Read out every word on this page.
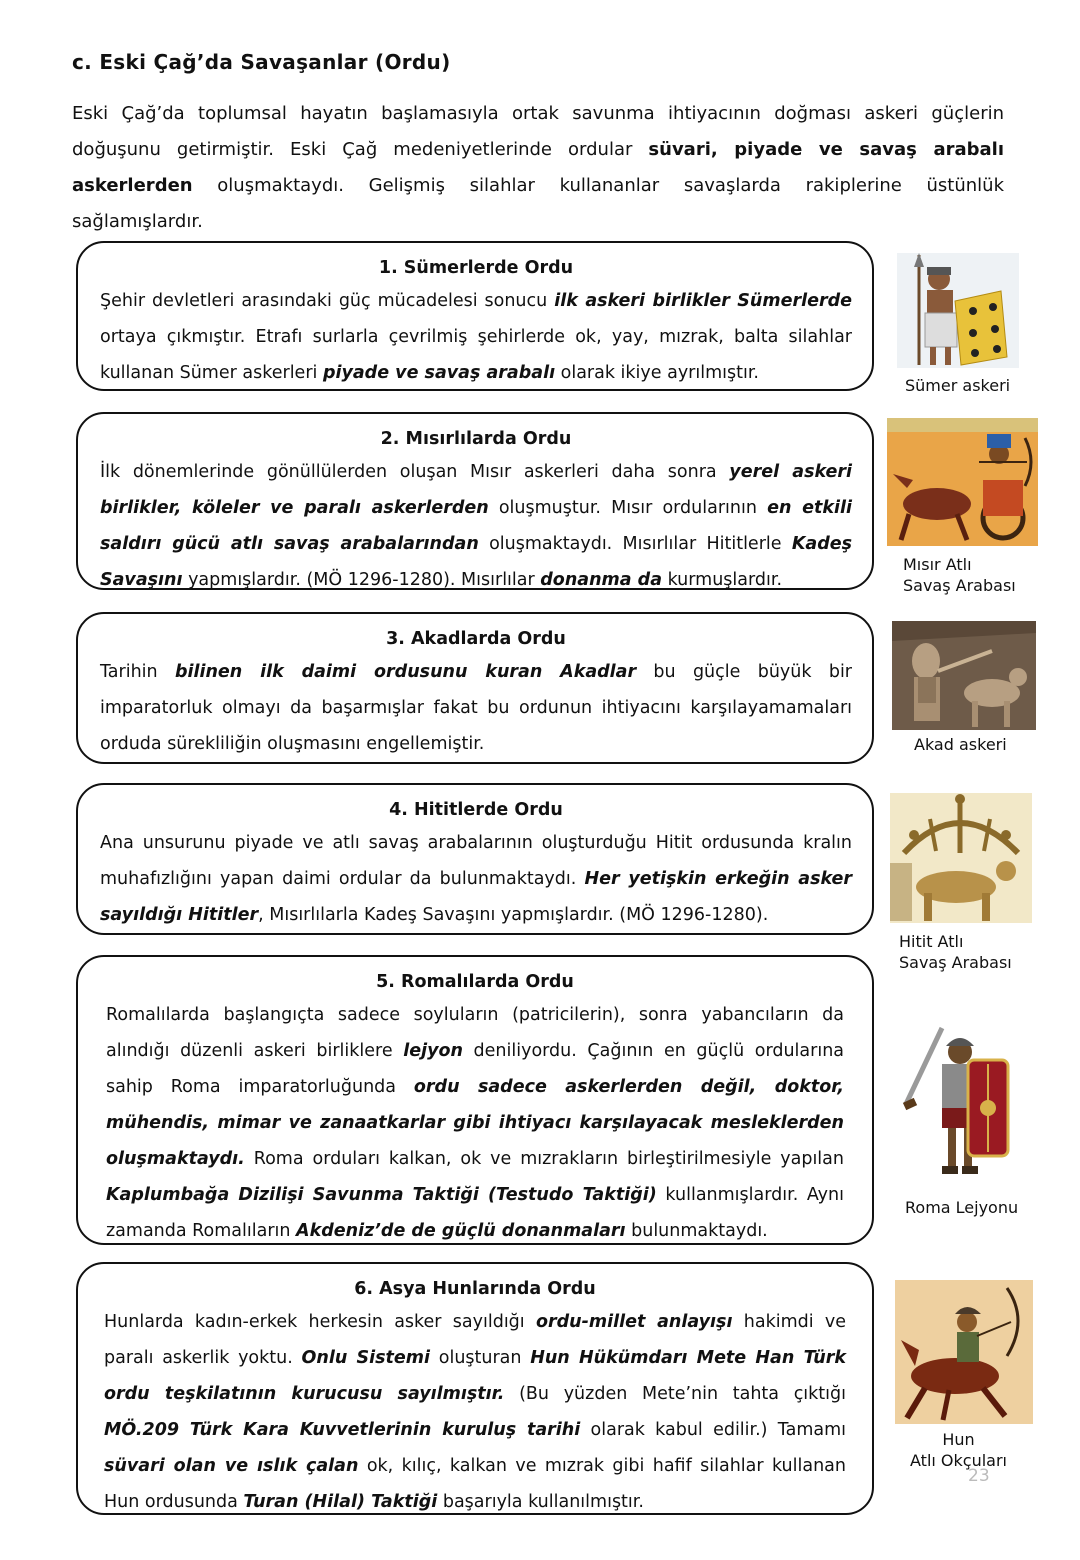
c. Eski Çağ’da Savaşanlar (Ordu)
Eski Çağ’da toplumsal hayatın başlamasıyla ortak savunma ihtiyacının doğması askeri güçlerin doğuşunu getirmiştir. Eski Çağ medeniyetlerinde ordular süvari, piyade ve savaş arabalı askerlerden oluşmaktaydı. Gelişmiş silahlar kullananlar savaşlarda rakiplerine üstünlük sağlamışlardır.
1. Sümerlerde Ordu
Şehir devletleri arasındaki güç mücadelesi sonucu ilk askeri birlikler Sümerlerde ortaya çıkmıştır. Etrafı surlarla çevrilmiş şehirlerde ok, yay, mızrak, balta silahlar kullanan Sümer askerleri piyade ve savaş arabalı olarak ikiye ayrılmıştır.
2. Mısırlılarda Ordu
İlk dönemlerinde gönüllülerden oluşan Mısır askerleri daha sonra yerel askeri birlikler, köleler ve paralı askerlerden oluşmuştur. Mısır ordularının en etkili saldırı gücü atlı savaş arabalarından oluşmaktaydı. Mısırlılar Hititlerle Kadeş Savaşını yapmışlardır. (MÖ 1296-1280). Mısırlılar donanma da kurmuşlardır.
3. Akadlarda Ordu
Tarihin bilinen ilk daimi ordusunu kuran Akadlar bu güçle büyük bir imparatorluk olmayı da başarmışlar fakat bu ordunun ihtiyacını karşılayamamaları orduda sürekliliğin oluşmasını engellemiştir.
4. Hititlerde Ordu
Ana unsurunu piyade ve atlı savaş arabalarının oluşturduğu Hitit ordusunda kralın muhafızlığını yapan daimi ordular da bulunmaktaydı. Her yetişkin erkeğin asker sayıldığı Hititler, Mısırlılarla Kadeş Savaşını yapmışlardır. (MÖ 1296-1280).
5. Romalılarda Ordu
Romalılarda başlangıçta sadece soyluların (patricilerin), sonra yabancıların da alındığı düzenli askeri birliklere lejyon deniliyordu. Çağının en güçlü ordularına sahip Roma imparatorluğunda ordu sadece askerlerden değil, doktor, mühendis, mimar ve zanaatkarlar gibi ihtiyacı karşılayacak mesleklerden oluşmaktaydı. Roma orduları kalkan, ok ve mızrakların birleştirilmesiyle yapılan Kaplumbağa Dizilişi Savunma Taktiği (Testudo Taktiği) kullanmışlardır. Aynı zamanda Romalıların Akdeniz’de de güçlü donanmaları bulunmaktaydı.
6. Asya Hunlarında Ordu
Hunlarda kadın-erkek herkesin asker sayıldığı ordu-millet anlayışı hakimdi ve paralı askerlik yoktu. Onlu Sistemi oluşturan Hun Hükümdarı Mete Han Türk ordu teşkilatının kurucusu sayılmıştır. (Bu yüzden Mete’nin tahta çıktığı MÖ.209 Türk Kara Kuvvetlerinin kuruluş tarihi olarak kabul edilir.) Tamamı süvari olan ve ıslık çalan ok, kılıç, kalkan ve mızrak gibi hafif silahlar kullanan Hun ordusunda Turan (Hilal) Taktiği başarıyla kullanılmıştır.
Sümer askeri
Mısır Atlı
Savaş Arabası
Akad askeri
Hitit Atlı
Savaş Arabası
Roma Lejyonu
Hun
Atlı Okçuları
23
